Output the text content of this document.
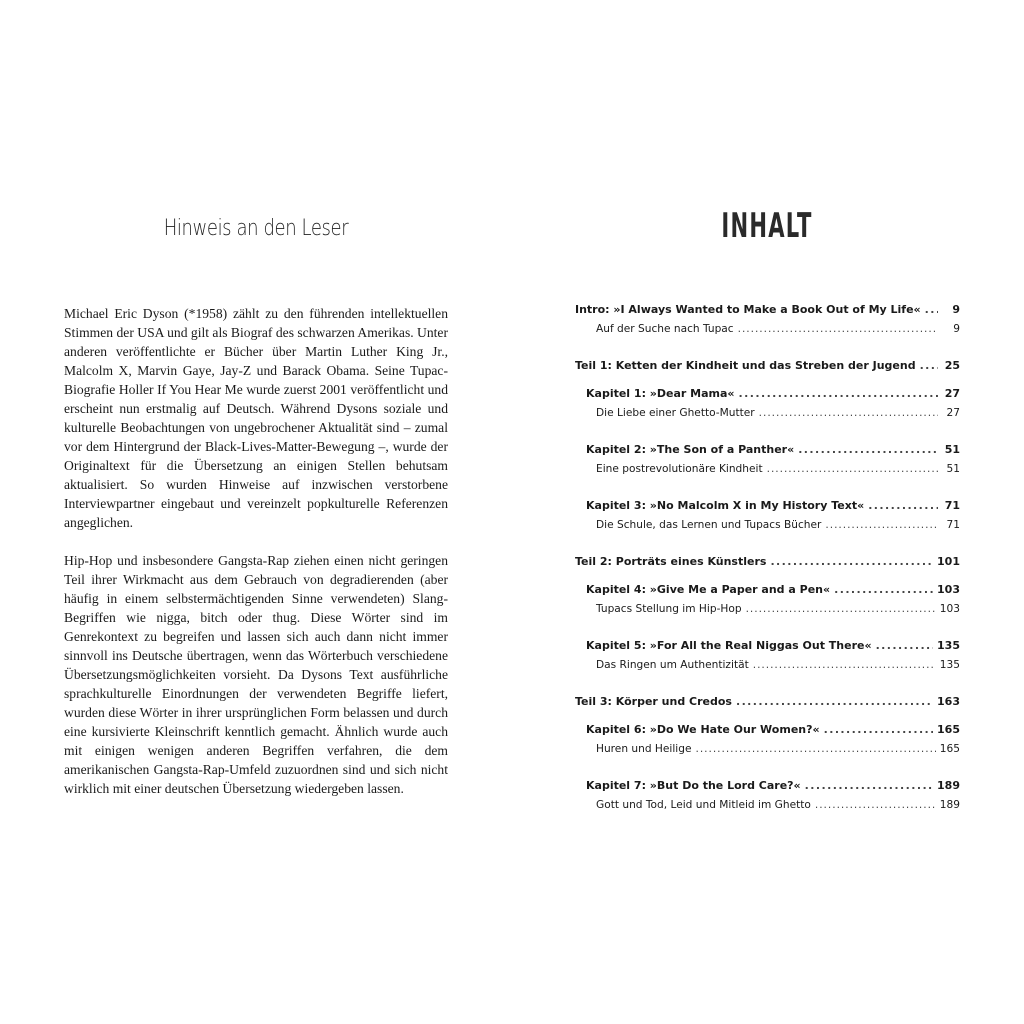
Hinweis an den Leser

Michael Eric Dyson (*1958) zählt zu den führenden intellektuellen Stimmen der USA und gilt als Biograf des schwarzen Amerikas. Unter anderen veröffentlichte er Bücher über Martin Luther King Jr., Malcolm X, Marvin Gaye, Jay-Z und Barack Obama. Seine Tupac-Biografie Holler If You Hear Me wurde zuerst 2001 veröffentlicht und erscheint nun erstmalig auf Deutsch. Während Dysons soziale und kulturelle Beobachtungen von ungebrochener Aktualität sind – zumal vor dem Hintergrund der Black-Lives-Matter-Bewegung –, wurde der Originaltext für die Übersetzung an einigen Stellen behutsam aktualisiert. So wurden Hinweise auf inzwischen verstorbene Interviewpartner eingebaut und vereinzelt popkulturelle Referenzen angeglichen.

Hip-Hop und insbesondere Gangsta-Rap ziehen einen nicht geringen Teil ihrer Wirkmacht aus dem Gebrauch von degradierenden (aber häufig in einem selbstermächtigenden Sinne verwendeten) Slang-Begriffen wie nigga, bitch oder thug. Diese Wörter sind im Genrekontext zu begreifen und lassen sich auch dann nicht immer sinnvoll ins Deutsche übertragen, wenn das Wörterbuch verschiedene Übersetzungsmöglichkeiten vorsieht. Da Dysons Text ausführliche sprachkulturelle Einordnungen der verwendeten Begriffe liefert, wurden diese Wörter in ihrer ursprünglichen Form belassen und durch eine kursivierte Kleinschrift kenntlich gemacht. Ähnlich wurde auch mit einigen wenigen anderen Begriffen verfahren, die dem amerikanischen Gangsta-Rap-Umfeld zuzuordnen sind und sich nicht wirklich mit einer deutschen Übersetzung wiedergeben lassen.

INHALT
Intro: »I Always Wanted to Make a Book Out of My Life« . . .	9
Auf der Suche nach Tupac . . .	9
Teil 1: Ketten der Kindheit und das Streben der Jugend . . .	25
Kapitel 1: »Dear Mama« . . .	27
Die Liebe einer Ghetto-Mutter . . .	27
Kapitel 2: »The Son of a Panther« . . .	51
Eine postrevolutionäre Kindheit . . .	51
Kapitel 3: »No Malcolm X in My History Text« . . .	71
Die Schule, das Lernen und Tupacs Bücher . . .	71
Teil 2: Porträts eines Künstlers . . .	101
Kapitel 4: »Give Me a Paper and a Pen« . . .	103
Tupacs Stellung im Hip-Hop . . .	103
Kapitel 5: »For All the Real Niggas Out There« . . .	135
Das Ringen um Authentizität . . .	135
Teil 3: Körper und Credos . . .	163
Kapitel 6: »Do We Hate Our Women?« . . .	165
Huren und Heilige . . .	165
Kapitel 7: »But Do the Lord Care?« . . .	189
Gott und Tod, Leid und Mitleid im Ghetto . . .	189
